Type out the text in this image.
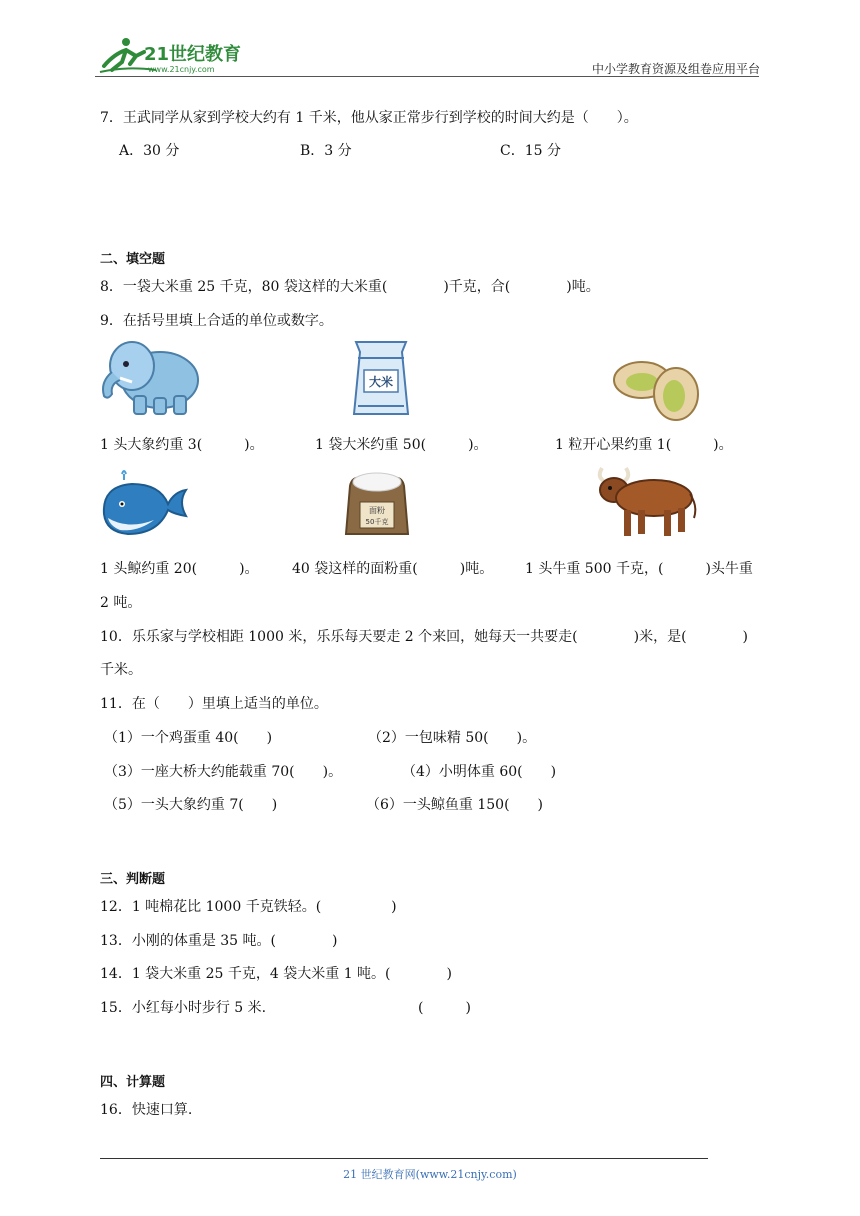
21世纪教育
www.21cnjy.com	中小学教育资源及组卷应用平台
7．王武同学从家到学校大约有 1 千米，他从家正常步行到学校的时间大约是（　　）。
A．30 分	B．3 分	C．15 分
二、填空题
8．一袋大米重 25 千克，80 袋这样的大米重(　　　　)千克，合(　　　　)吨。
9．在括号里填上合适的单位或数字。
大米
1 头大象约重 3(　　　)。	1 袋大米约重 50(　　　)。	1 粒开心果约重 1(　　　)。
面粉
50千克
1 头鲸约重 20(　　　)。 40 袋这样的面粉重(　　　)吨。 1 头牛重 500 千克，(　　　)头牛重
2 吨。
10．乐乐家与学校相距 1000 米，乐乐每天要走 2 个来回，她每天一共要走(　　　　)米，是(　　　　)
千米。
11．在（　　）里填上适当的单位。
（1）一个鸡蛋重 40(　　)	（2）一包味精 50(　　)。
（3）一座大桥大约能载重 70(　　)。	（4）小明体重 60(　　)
（5）一头大象约重 7(　　)	（6）一头鲸鱼重 150(　　)
三、判断题
12．1 吨棉花比 1000 千克铁轻。(　　　　　)
13．小刚的体重是 35 吨。(　　　　)
14．1 袋大米重 25 千克，4 袋大米重 1 吨。(　　　　)
15．小红每小时步行 5 米.	(　　　)
四、计算题
16．快速口算.
21 世纪教育网(www.21cnjy.com)
